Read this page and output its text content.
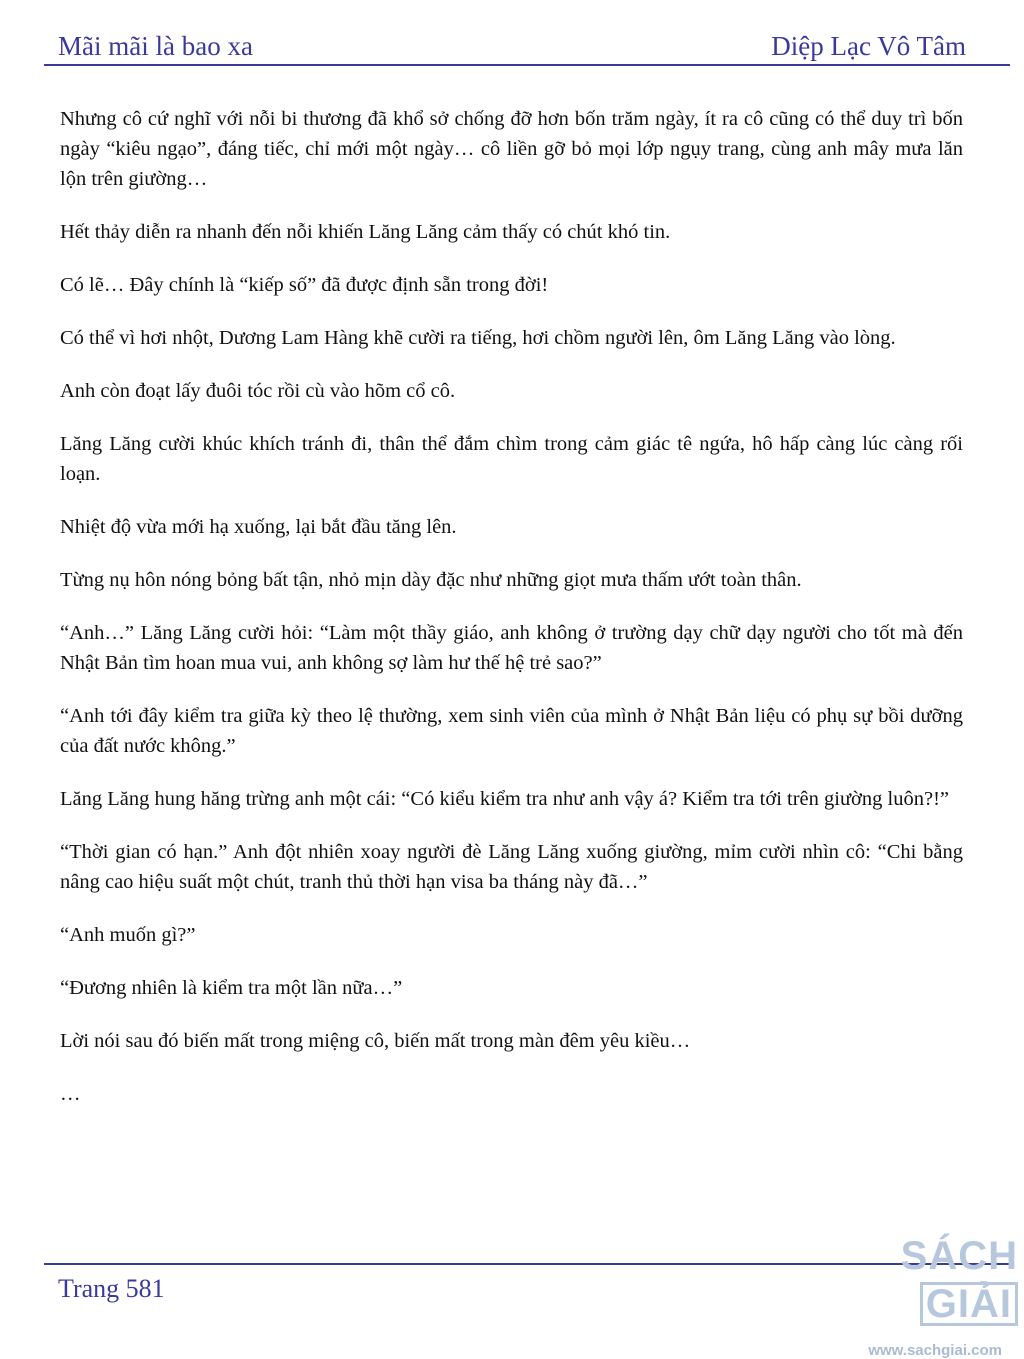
Mãi mãi là bao xa	Diệp Lạc Vô Tâm

Nhưng cô cứ nghĩ với nỗi bi thương đã khổ sở chống đỡ hơn bốn trăm ngày, ít ra cô cũng có thể duy trì bốn ngày “kiêu ngạo”, đáng tiếc, chỉ mới một ngày… cô liền gỡ bỏ mọi lớp ngụy trang, cùng anh mây mưa lăn lộn trên giường…

Hết thảy diễn ra nhanh đến nỗi khiến Lăng Lăng cảm thấy có chút khó tin.

Có lẽ… Đây chính là “kiếp số” đã được định sẵn trong đời!

Có thể vì hơi nhột, Dương Lam Hàng khẽ cười ra tiếng, hơi chồm người lên, ôm Lăng Lăng vào lòng.

Anh còn đoạt lấy đuôi tóc rồi cù vào hõm cổ cô.

Lăng Lăng cười khúc khích tránh đi, thân thể đắm chìm trong cảm giác tê ngứa, hô hấp càng lúc càng rối loạn.

Nhiệt độ vừa mới hạ xuống, lại bắt đầu tăng lên.

Từng nụ hôn nóng bỏng bất tận, nhỏ mịn dày đặc như những giọt mưa thấm ướt toàn thân.

“Anh…” Lăng Lăng cười hỏi: “Làm một thầy giáo, anh không ở trường dạy chữ dạy người cho tốt mà đến Nhật Bản tìm hoan mua vui, anh không sợ làm hư thế hệ trẻ sao?”

“Anh tới đây kiểm tra giữa kỳ theo lệ thường, xem sinh viên của mình ở Nhật Bản liệu có phụ sự bồi dưỡng của đất nước không.”

Lăng Lăng hung hăng trừng anh một cái: “Có kiểu kiểm tra như anh vậy á? Kiểm tra tới trên giường luôn?!”

“Thời gian có hạn.” Anh đột nhiên xoay người đè Lăng Lăng xuống giường, mỉm cười nhìn cô: “Chi bằng nâng cao hiệu suất một chút, tranh thủ thời hạn visa ba tháng này đã…”

“Anh muốn gì?”

“Đương nhiên là kiểm tra một lần nữa…”

Lời nói sau đó biến mất trong miệng cô, biến mất trong màn đêm yêu kiều…

…

Trang 581
SÁCHGIẢI
www.sachgiai.com
